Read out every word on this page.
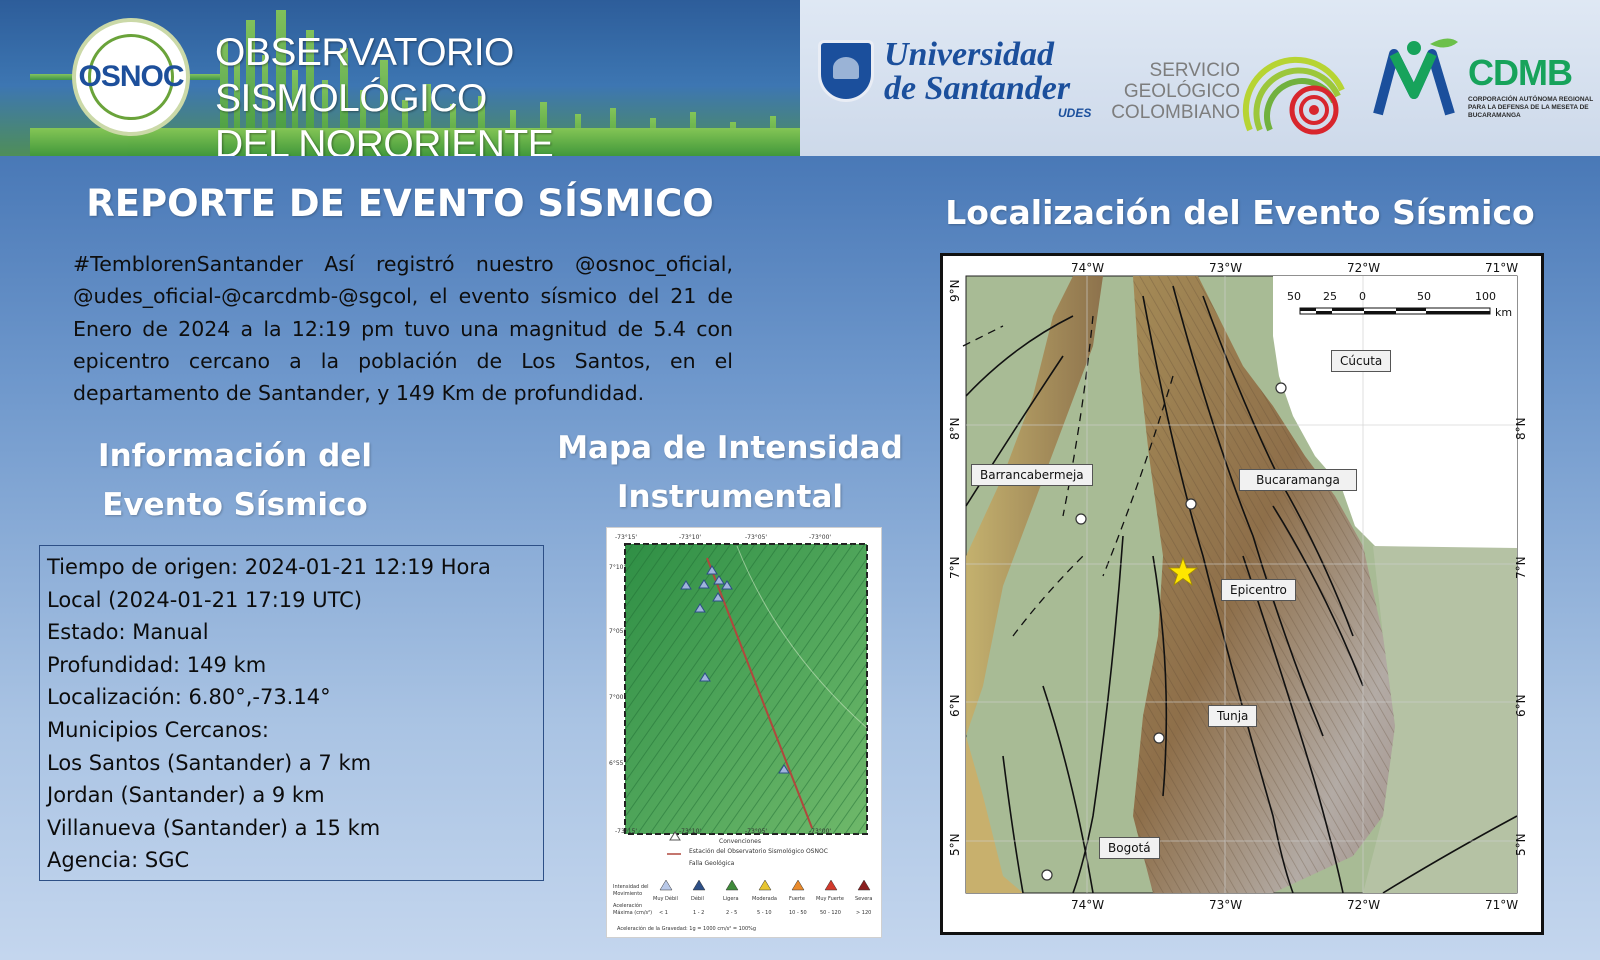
OSNOC
OBSERVATORIO SISMOLÓGICO
DEL NORORIENTE
Universidad
de Santander
UDES
SERVICIO
GEOLÓGICO
COLOMBIANO
CDMB
CORPORACIÓN AUTÓNOMA REGIONAL PARA LA DEFENSA DE LA MESETA DE BUCARAMANGA
REPORTE DE EVENTO SÍSMICO
#TemblorenSantander Así registró nuestro @osnoc_oficial, @udes_oficial-@carcdmb-@sgcol, el evento sísmico del 21 de Enero de 2024 a la 12:19 pm tuvo una magnitud de 5.4 con epicentro cercano a la población de Los Santos, en el departamento de Santander, y 149 Km de profundidad.
Información del
Evento Sísmico
Tiempo de origen: 2024-01-21 12:19 Hora
Local (2024-01-21 17:19 UTC)
Estado: Manual
Profundidad: 149 km
Localización: 6.80°,-73.14°
Municipios Cercanos:
Los Santos (Santander) a 7 km
Jordan (Santander) a 9 km
Villanueva (Santander) a 15 km
Agencia: SGC
Mapa de Intensidad
Instrumental
-73°15'	-73°10'	-73°05'	-73°00'
7°10'
7°05'
7°00'
6°55'
-73°15'	-73°10'	-73°05'	-73°00'
Convenciones
Estación del Observatorio Sismológico OSNOC
Falla Geológica
Intensidad del Movimiento
Aceleración Máxima (cm/s²)
Muy Débil	Débil	Ligera	Moderada Fuerte Muy Fuerte Severa
< 1	1 - 2	2 - 5	5 - 10	10 - 50	50 - 120	> 120
Aceleración de la Gravedad: 1g = 1000 cm/s² = 100%g
Localización del Evento Sísmico
74°W	73°W	72°W	71°W
74°W	73°W	72°W	71°W
9°N
8°N
7°N
6°N
5°N
8°N
7°N
6°N
5°N
50 25 0	50	100
km
Cúcuta
Barrancabermeja	Bucaramanga
Epicentro
Tunja
Bogotá
